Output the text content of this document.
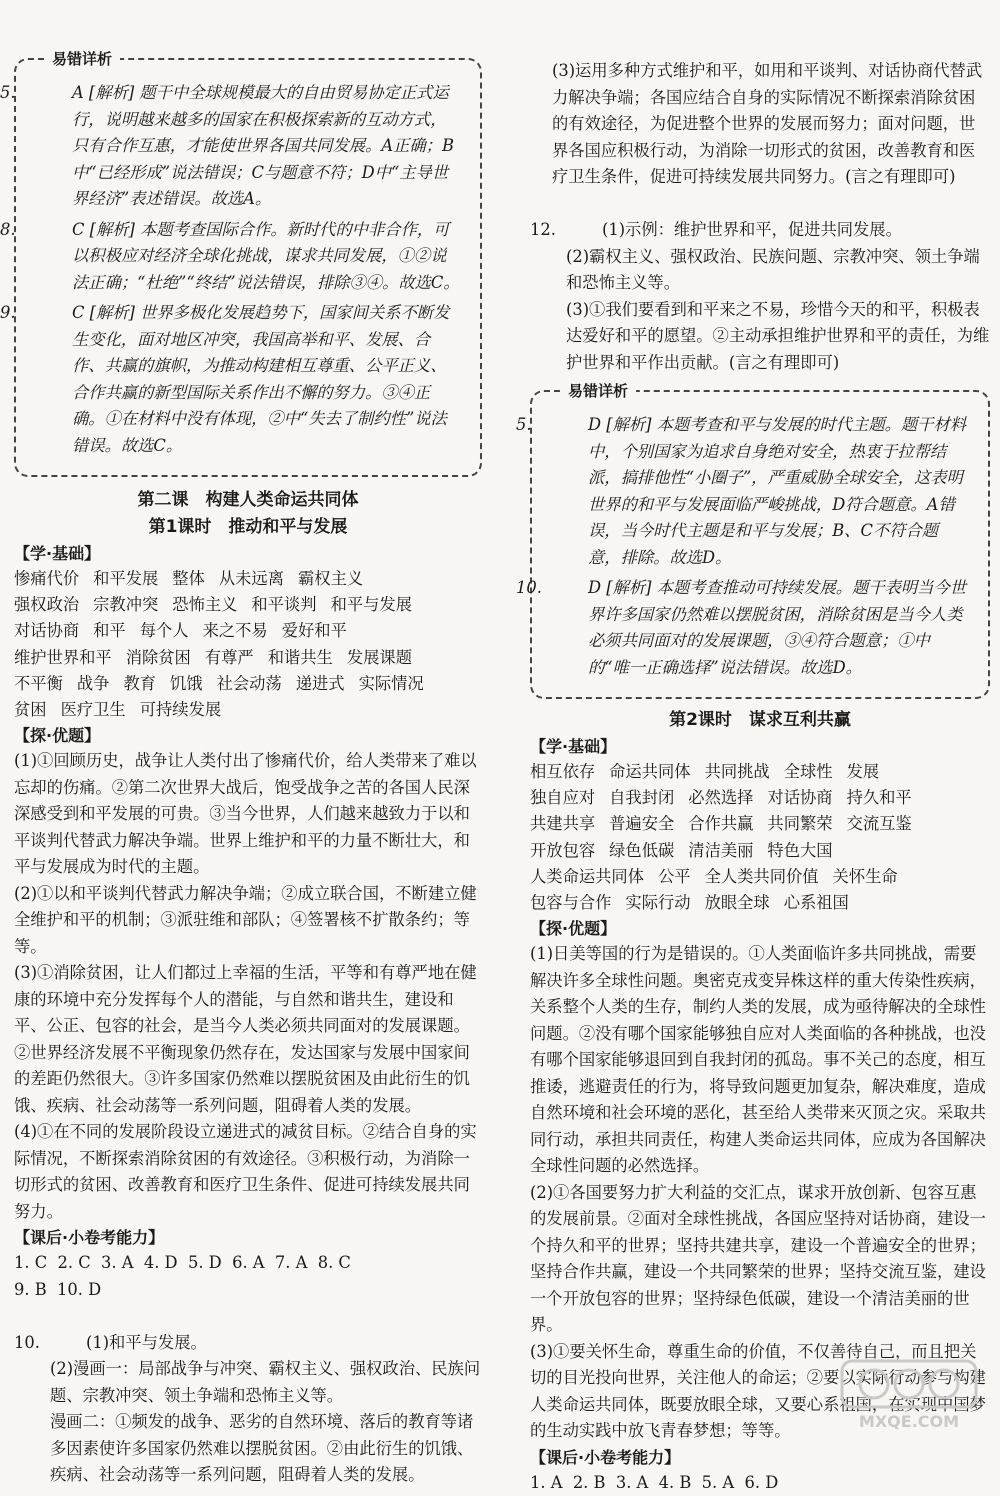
易错详析
5.	A [解析] 题干中全球规模最大的自由贸易协定正式运行，说明越来越多的国家在积极探索新的互动方式，只有合作互惠，才能使世界各国共同发展。A正确；B中“已经形成”说法错误；C与题意不符；D中“主导世界经济”表述错误。故选A。
8.	C [解析] 本题考查国际合作。新时代的中非合作，可以积极应对经济全球化挑战，谋求共同发展，①②说法正确；“杜绝”“终结”说法错误，排除③④。故选C。
9.	C [解析] 世界多极化发展趋势下，国家间关系不断发生变化，面对地区冲突，我国高举和平、发展、合作、共赢的旗帜，为推动构建相互尊重、公平正义、合作共赢的新型国际关系作出不懈的努力。③④正确。①在材料中没有体现，②中“失去了制约性”说法错误。故选C。

第二课　构建人类命运共同体

第1课时　推动和平与发展

【学·基础】

惨痛代价 和平发展 整体 从未远离 霸权主义
强权政治 宗教冲突 恐怖主义 和平谈判 和平与发展
对话协商 和平 每个人 来之不易 爱好和平
维护世界和平 消除贫困 有尊严 和谐共生 发展课题
不平衡 战争 教育 饥饿 社会动荡 递进式 实际情况
贫困 医疗卫生 可持续发展

【探·优题】

(1)①回顾历史，战争让人类付出了惨痛代价，给人类带来了难以忘却的伤痛。②第二次世界大战后，饱受战争之苦的各国人民深深感受到和平发展的可贵。③当今世界，人们越来越致力于以和平谈判代替武力解决争端。世界上维护和平的力量不断壮大，和平与发展成为时代的主题。

(2)①以和平谈判代替武力解决争端；②成立联合国，不断建立健全维护和平的机制；③派驻维和部队；④签署核不扩散条约；等等。

(3)①消除贫困，让人们都过上幸福的生活，平等和有尊严地在健康的环境中充分发挥每个人的潜能，与自然和谐共生，建设和平、公正、包容的社会，是当今人类必须共同面对的发展课题。②世界经济发展不平衡现象仍然存在，发达国家与发展中国家间的差距仍然很大。③许多国家仍然难以摆脱贫困及由此衍生的饥饿、疾病、社会动荡等一系列问题，阻碍着人类的发展。

(4)①在不同的发展阶段设立递进式的减贫目标。②结合自身的实际情况，不断探索消除贫困的有效途径。③积极行动，为消除一切形式的贫困、改善教育和医疗卫生条件、促进可持续发展共同努力。

【课后·小卷考能力】

1. C  2. C  3. A  4. D  5. D  6. A  7. A  8. C

9. B  10. D

10.	(1)和平与发展。

(2)漫画一：局部战争与冲突、霸权主义、强权政治、民族问题、宗教冲突、领土争端和恐怖主义等。

漫画二：①频发的战争、恶劣的自然环境、落后的教育等诸多因素使许多国家仍然难以摆脱贫困。②由此衍生的饥饿、疾病、社会动荡等一系列问题，阻碍着人类的发展。

(3)运用多种方式维护和平，如用和平谈判、对话协商代替武力解决争端；各国应结合自身的实际情况不断探索消除贫困的有效途径，为促进整个世界的发展而努力；面对问题，世界各国应积极行动，为消除一切形式的贫困，改善教育和医疗卫生条件，促进可持续发展共同努力。(言之有理即可)

12.	(1)示例：维护世界和平，促进共同发展。

(2)霸权主义、强权政治、民族问题、宗教冲突、领土争端和恐怖主义等。

(3)①我们要看到和平来之不易，珍惜今天的和平，积极表达爱好和平的愿望。②主动承担维护世界和平的责任，为维护世界和平作出贡献。(言之有理即可)

易错详析
5.	D [解析] 本题考查和平与发展的时代主题。题干材料中，个别国家为追求自身绝对安全，热衷于拉帮结派，搞排他性“小圈子”，严重威胁全球安全，这表明世界的和平与发展面临严峻挑战，D符合题意。A错误，当今时代主题是和平与发展；B、C不符合题意，排除。故选D。
10.	D [解析] 本题考查推动可持续发展。题干表明当今世界许多国家仍然难以摆脱贫困，消除贫困是当今人类必须共同面对的发展课题，③④符合题意；①中的“唯一正确选择”说法错误。故选D。

第2课时　谋求互利共赢

【学·基础】

相互依存 命运共同体 共同挑战 全球性 发展
独自应对 自我封闭 必然选择 对话协商 持久和平
共建共享 普遍安全 合作共赢 共同繁荣 交流互鉴
开放包容 绿色低碳 清洁美丽 特色大国
人类命运共同体 公平 全人类共同价值 关怀生命
包容与合作 实际行动 放眼全球 心系祖国

【探·优题】

(1)日美等国的行为是错误的。①人类面临许多共同挑战，需要解决许多全球性问题。奥密克戎变异株这样的重大传染性疾病，关系整个人类的生存，制约人类的发展，成为亟待解决的全球性问题。②没有哪个国家能够独自应对人类面临的各种挑战，也没有哪个国家能够退回到自我封闭的孤岛。事不关己的态度，相互推诿，逃避责任的行为，将导致问题更加复杂，解决难度，造成自然环境和社会环境的恶化，甚至给人类带来灭顶之灾。采取共同行动，承担共同责任，构建人类命运共同体，应成为各国解决全球性问题的必然选择。

(2)①各国要努力扩大利益的交汇点，谋求开放创新、包容互惠的发展前景。②面对全球性挑战，各国应坚持对话协商，建设一个持久和平的世界；坚持共建共享，建设一个普遍安全的世界；坚持合作共赢，建设一个共同繁荣的世界；坚持交流互鉴，建设一个开放包容的世界；坚持绿色低碳，建设一个清洁美丽的世界。

(3)①要关怀生命，尊重生命的价值，不仅善待自己，而且把关切的目光投向世界，关注他人的命运；②要以实际行动参与构建人类命运共同体，既要放眼全球，又要心系祖国，在实现中国梦的生动实践中放飞青春梦想；等等。

【课后·小卷考能力】

1. A  2. B  3. A  4. B  5. A  6. D

MXQE.COM
